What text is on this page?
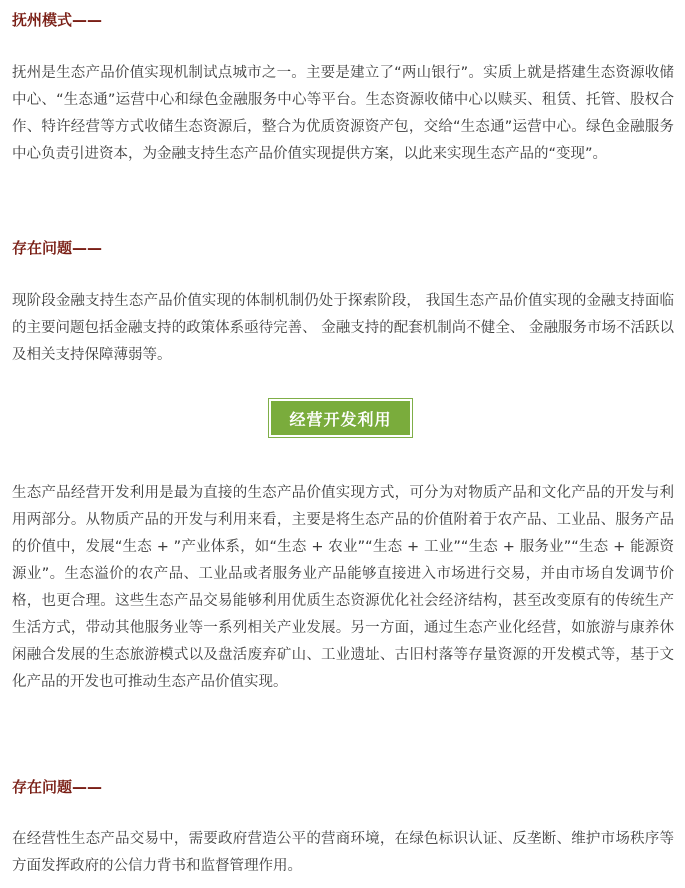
抚州模式——

抚州是生态产品价值实现机制试点城市之一。主要是建立了“两山银行”。实质上就是搭建生态资源收储中心、“生态通”运营中心和绿色金融服务中心等平台。生态资源收储中心以赎买、租赁、托管、股权合作、特许经营等方式收储生态资源后，整合为优质资源资产包，交给“生态通”运营中心。绿色金融服务中心负责引进资本，为金融支持生态产品价值实现提供方案，以此来实现生态产品的“变现”。

存在问题——

现阶段金融支持生态产品价值实现的体制机制仍处于探索阶段， 我国生态产品价值实现的金融支持面临的主要问题包括金融支持的政策体系亟待完善、 金融支持的配套机制尚不健全、 金融服务市场不活跃以及相关支持保障薄弱等。

经营开发利用

生态产品经营开发利用是最为直接的生态产品价值实现方式，可分为对物质产品和文化产品的开发与利用两部分。从物质产品的开发与利用来看，主要是将生态产品的价值附着于农产品、工业品、服务产品的价值中，发展“生态 + ”产业体系，如“生态 + 农业”“生态 + 工业”“生态 + 服务业”“生态 + 能源资源业”。生态溢价的农产品、工业品或者服务业产品能够直接进入市场进行交易，并由市场自发调节价格，也更合理。这些生态产品交易能够利用优质生态资源优化社会经济结构，甚至改变原有的传统生产生活方式，带动其他服务业等一系列相关产业发展。另一方面，通过生态产业化经营，如旅游与康养休闲融合发展的生态旅游模式以及盘活废弃矿山、工业遗址、古旧村落等存量资源的开发模式等，基于文化产品的开发也可推动生态产品价值实现。

存在问题——

在经营性生态产品交易中，需要政府营造公平的营商环境，在绿色标识认证、反垄断、维护市场秩序等方面发挥政府的公信力背书和监督管理作用。
